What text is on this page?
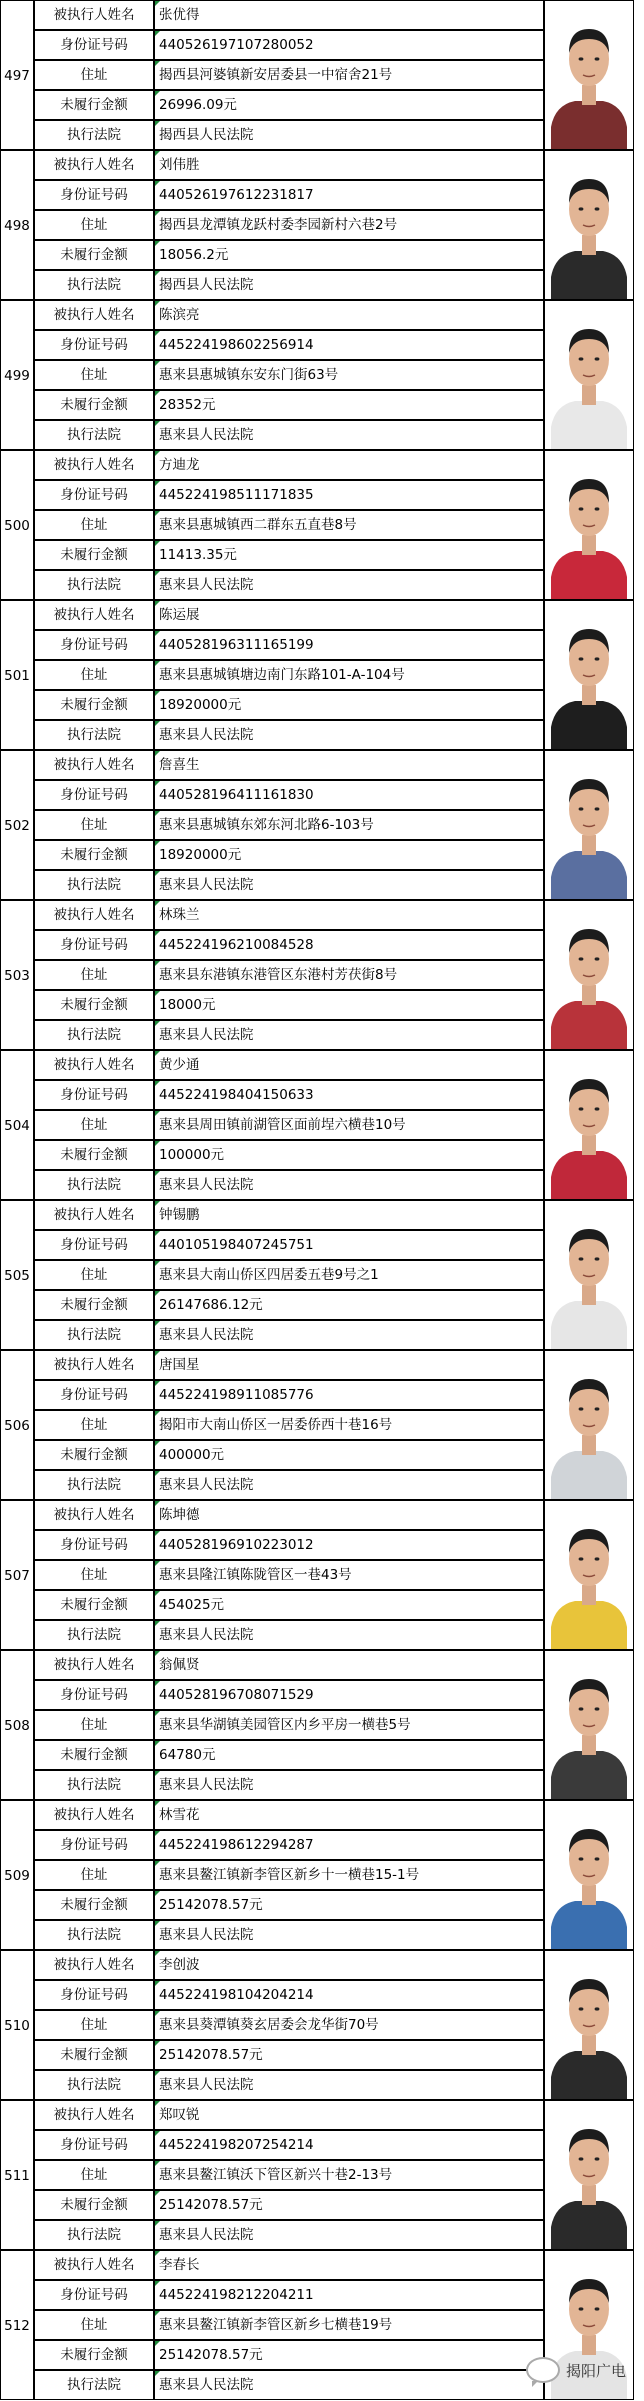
497
被执行人姓名	张优得
身份证号码	440526197107280052
住址	揭西县河婆镇新安居委县一中宿舍21号
未履行金额	26996.09元
执行法院	揭西县人民法院
498
被执行人姓名	刘伟胜
身份证号码	440526197612231817
住址	揭西县龙潭镇龙跃村委李园新村六巷2号
未履行金额	18056.2元
执行法院	揭西县人民法院
499
被执行人姓名	陈滨亮
身份证号码	445224198602256914
住址	惠来县惠城镇东安东门街63号
未履行金额	28352元
执行法院	惠来县人民法院
500
被执行人姓名	方迪龙
身份证号码	445224198511171835
住址	惠来县惠城镇西二群东五直巷8号
未履行金额	11413.35元
执行法院	惠来县人民法院
501
被执行人姓名	陈运展
身份证号码	440528196311165199
住址	惠来县惠城镇塘边南门东路101-A-104号
未履行金额	18920000元
执行法院	惠来县人民法院
502
被执行人姓名	詹喜生
身份证号码	440528196411161830
住址	惠来县惠城镇东郊东河北路6-103号
未履行金额	18920000元
执行法院	惠来县人民法院
503
被执行人姓名	林珠兰
身份证号码	445224196210084528
住址	惠来县东港镇东港管区东港村芳茯街8号
未履行金额	18000元
执行法院	惠来县人民法院
504
被执行人姓名	黄少通
身份证号码	445224198404150633
住址	惠来县周田镇前湖管区面前埕六横巷10号
未履行金额	100000元
执行法院	惠来县人民法院
505
被执行人姓名	钟锡鹏
身份证号码	440105198407245751
住址	惠来县大南山侨区四居委五巷9号之1
未履行金额	26147686.12元
执行法院	惠来县人民法院
506
被执行人姓名	唐国星
身份证号码	445224198911085776
住址	揭阳市大南山侨区一居委侨西十巷16号
未履行金额	400000元
执行法院	惠来县人民法院
507
被执行人姓名	陈坤德
身份证号码	440528196910223012
住址	惠来县隆江镇陈陇管区一巷43号
未履行金额	454025元
执行法院	惠来县人民法院
508
被执行人姓名	翁佩贤
身份证号码	440528196708071529
住址	惠来县华湖镇美园管区内乡平房一横巷5号
未履行金额	64780元
执行法院	惠来县人民法院
509
被执行人姓名	林雪花
身份证号码	445224198612294287
住址	惠来县鳌江镇新李管区新乡十一横巷15-1号
未履行金额	25142078.57元
执行法院	惠来县人民法院
510
被执行人姓名	李创波
身份证号码	445224198104204214
住址	惠来县葵潭镇葵玄居委会龙华街70号
未履行金额	25142078.57元
执行法院	惠来县人民法院
511
被执行人姓名	郑叹锐
身份证号码	445224198207254214
住址	惠来县鳌江镇沃下管区新兴十巷2-13号
未履行金额	25142078.57元
执行法院	惠来县人民法院
512
被执行人姓名	李春长
身份证号码	445224198212204211
住址	惠来县鳌江镇新李管区新乡七横巷19号
未履行金额	25142078.57元
执行法院	惠来县人民法院
揭阳广电
